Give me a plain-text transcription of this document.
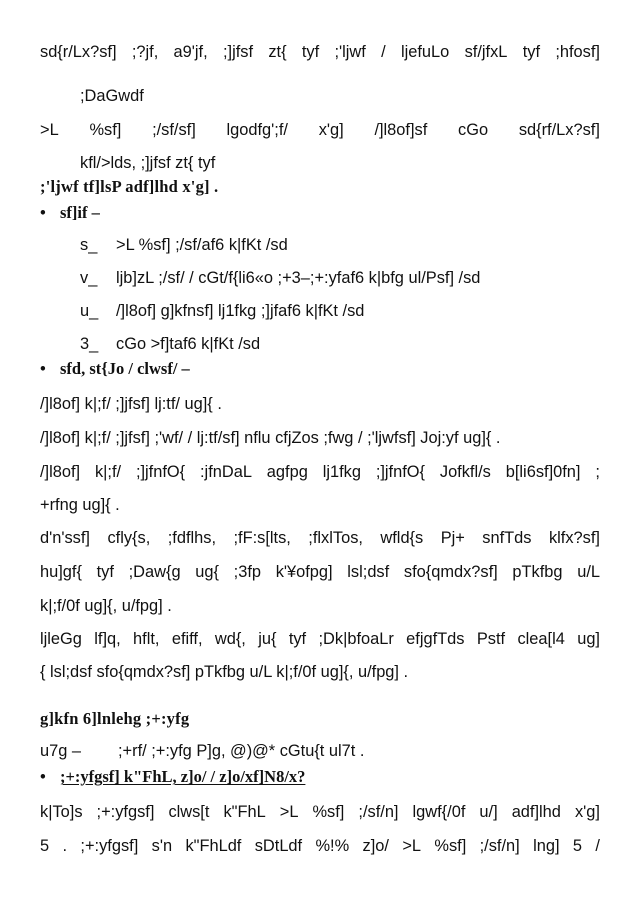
sd{r/Lx?sf] ;?jf, a9'jf, ;]jfsf zt{ tyf ;'ljwf / ljefuLo sf/jfxL tyf ;hfosf]
;DaGwdf
>L %sf] ;/sf/sf] lgodfg';f/ x'g] /]l8of]sf cGo sd{rf/Lx?sf]
kfl/>lds, ;]jfsf zt{ tyf
;'ljwf tf]lsP adf]lhd x'g] .
• sf]if –
s_ >L %sf] ;/sf/af6 k|fKt /sd
v_ ljb]zL ;/sf/ / cGt/f{li6«o ;+3–;+:yfaf6 k|bfg ul/Psf] /sd
u_ /]l8of] g]kfnsf] lj1fkg ;]jfaf6 k|fKt /sd
3_ cGo >f]taf6 k|fKt /sd
• sfd, st{Jo / clwsf/ –
/]l8of] k|;f/ ;]jfsf] lj:tf/ ug]{ .
/]l8of] k|;f/ ;]jfsf] ;'wf/ / lj:tf/sf] nflu cfjZos ;fwg / ;'ljwfsf] Joj:yf ug]{ .
/]l8of] k|;f/ ;]jfnfO{ :jfnDaL agfpg lj1fkg ;]jfnfO{ Jofkfl/s b[li6sf]0fn] ;
+rfng ug]{ .
d'n'ssf] cfly{s, ;fdflhs, ;fF:s[lts, ;flxlTos, wfld{s Pj+ snfTds klfx?sf]
hu]gf{ tyf ;Daw{g ug{ ;3fp k'¥ofpg] lsl;dsf sfo{qmdx?sf] pTkfbg u/L
k|;f/0f ug]{, u/fpg] .
ljleGg lf]q, hflt, efiff, wd{, ju{ tyf ;Dk|bfoaLr efjgfTds Pstf clea[l4 ug]
{ lsl;dsf sfo{qmdx?sf] pTkfbg u/L k|;f/0f ug]{, u/fpg] .
g]kfn 6]lnlehg ;+:yfg
u7g – ;+rf/ ;+:yfg P]g, @)@* cGtu{t ul7t .
• ;+:yfgsf] k"FhL, z]o/ / z]o/xf]N8/x?
k|To]s ;+:yfgsf] clws[t k"FhL >L %sf] ;/sf/n] lgwf{/0f u/] adf]lhd x'g]
5 . ;+:yfgsf] s'n k"FhLdf sDtLdf %!% z]o/ >L %sf] ;/sf/n] lng] 5 /
